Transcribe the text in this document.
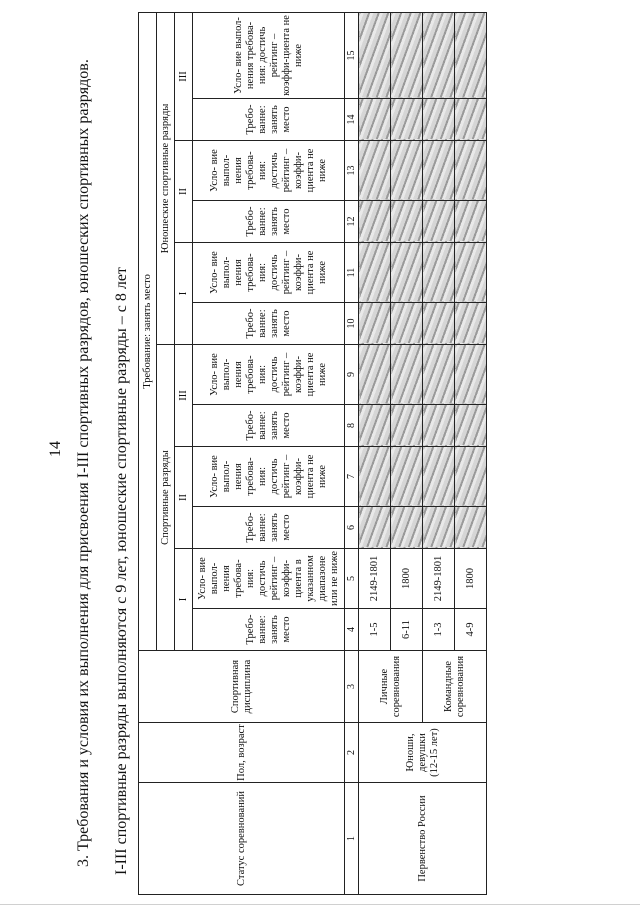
14 3. Требования и условия их выполнения для присвоения I-III спортивных разрядов, юношеских спортивных разрядов. I-III спортивные разряды выполняются с 9 лет, юношеские спортивные разряды – с 8 лет	Статус соревнований	Пол, возраст	Спортивная дисциплина	Требование: занять место											
			Спортивные разряды						Юношеские спортивные разряды					
			I		II		III		I		II		III	
			Требо-ванне: занять место	Усло- вие выпол-нения требова-ния: достичь рейтинг – коэффи-циента в указанном диапазоне или не ниже	Требо-ванне: занять место	Усло- вие выпол-нения требова-ния: достичь рейтинг – коэффи-циента не ниже	Требо-ванне: занять место	Усло- вие выпол-нения требова-ния: достичь рейтинг – коэффи-циента не ниже	Требо-ванне: занять место	Усло- вие выпол-нения требова-ния: достичь рейтинг – коэффи-циента не ниже	Требо-ванне: занять место	Усло- вие выпол-нения требова-ния: достичь рейтинг – коэффи-циента не ниже	Требо-ванне: занять место	Усло- вие выпол-нения требова-ния: достичь рейтинг – коэффи-циента не ниже
1	2	3	4	5	6	7	8	9	10	11	12	13	14	15
Первенство России	Юноши, девушки (12-15 лет)	Личные соревнования	1-5	2149-1801										
			6-11	1800										
		Командные соревнования	1-3	2149-1801										
			4-9	1800										
